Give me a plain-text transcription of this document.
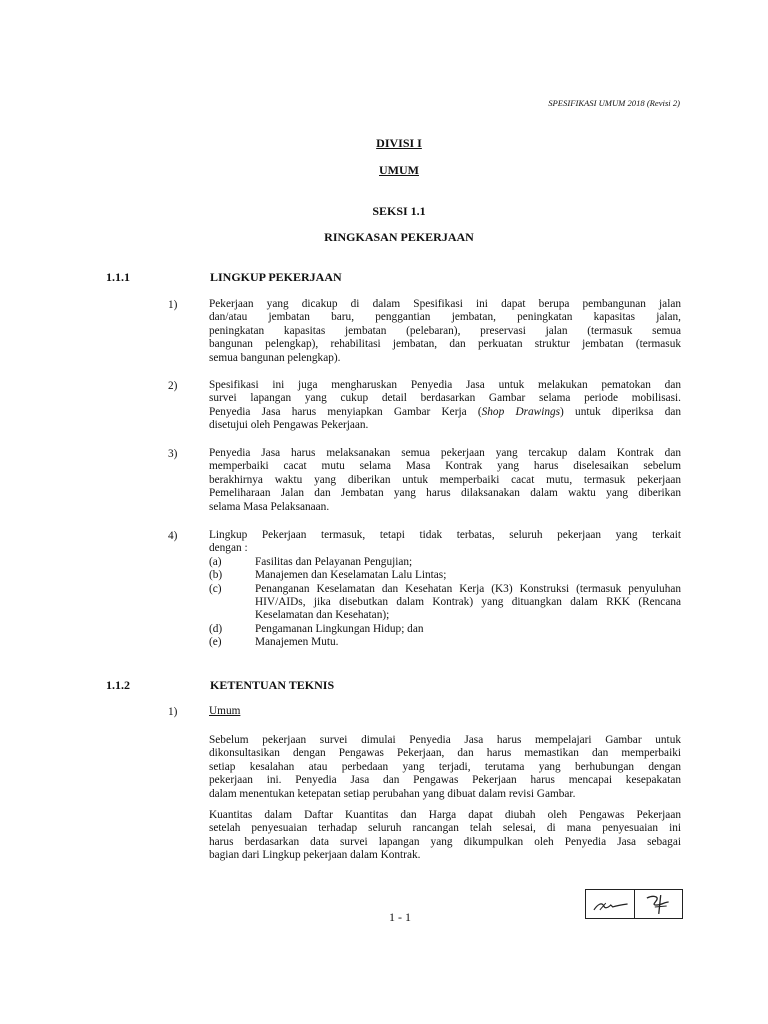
SPESIFIKASI UMUM 2018 (Revisi 2)
DIVISI I
UMUM
SEKSI 1.1
RINGKASAN PEKERJAAN
1.1.1	LINGKUP PEKERJAAN
1)	Pekerjaan yang dicakup di dalam Spesifikasi ini dapat berupa pembangunan jalan
dan/atau jembatan baru, penggantian jembatan, peningkatan kapasitas jalan,
peningkatan kapasitas jembatan (pelebaran), preservasi jalan (termasuk semua
bangunan pelengkap), rehabilitasi jembatan, dan perkuatan struktur jembatan (termasuk
semua bangunan pelengkap).
2)	Spesifikasi ini juga mengharuskan Penyedia Jasa untuk melakukan pematokan dan
survei lapangan yang cukup detail berdasarkan Gambar selama periode mobilisasi.
Penyedia Jasa harus menyiapkan Gambar Kerja (Shop Drawings) untuk diperiksa dan
disetujui oleh Pengawas Pekerjaan.
3)	Penyedia Jasa harus melaksanakan semua pekerjaan yang tercakup dalam Kontrak dan
memperbaiki cacat mutu selama Masa Kontrak yang harus diselesaikan sebelum
berakhirnya waktu yang diberikan untuk memperbaiki cacat mutu, termasuk pekerjaan
Pemeliharaan Jalan dan Jembatan yang harus dilaksanakan dalam waktu yang diberikan
selama Masa Pelaksanaan.
4)	Lingkup Pekerjaan termasuk, tetapi tidak terbatas, seluruh pekerjaan yang terkait
dengan :
(a)	Fasilitas dan Pelayanan Pengujian;
(b)	Manajemen dan Keselamatan Lalu Lintas;
(c)	Penanganan Keselamatan dan Kesehatan Kerja (K3) Konstruksi (termasuk penyuluhan HIV/AIDs, jika disebutkan dalam Kontrak) yang dituangkan dalam RKK (Rencana Keselamatan dan Kesehatan);
(d)	Pengamanan Lingkungan Hidup; dan
(e)	Manajemen Mutu.
1.1.2	KETENTUAN TEKNIS
1)	Umum
Sebelum pekerjaan survei dimulai Penyedia Jasa harus mempelajari Gambar untuk
dikonsultasikan dengan Pengawas Pekerjaan, dan harus memastikan dan memperbaiki
setiap kesalahan atau perbedaan yang terjadi, terutama yang berhubungan dengan
pekerjaan ini. Penyedia Jasa dan Pengawas Pekerjaan harus mencapai kesepakatan
dalam menentukan ketepatan setiap perubahan yang dibuat dalam revisi Gambar.
Kuantitas dalam Daftar Kuantitas dan Harga dapat diubah oleh Pengawas Pekerjaan
setelah penyesuaian terhadap seluruh rancangan telah selesai, di mana penyesuaian ini
harus berdasarkan data survei lapangan yang dikumpulkan oleh Penyedia Jasa sebagai
bagian dari Lingkup pekerjaan dalam Kontrak.
1 - 1
